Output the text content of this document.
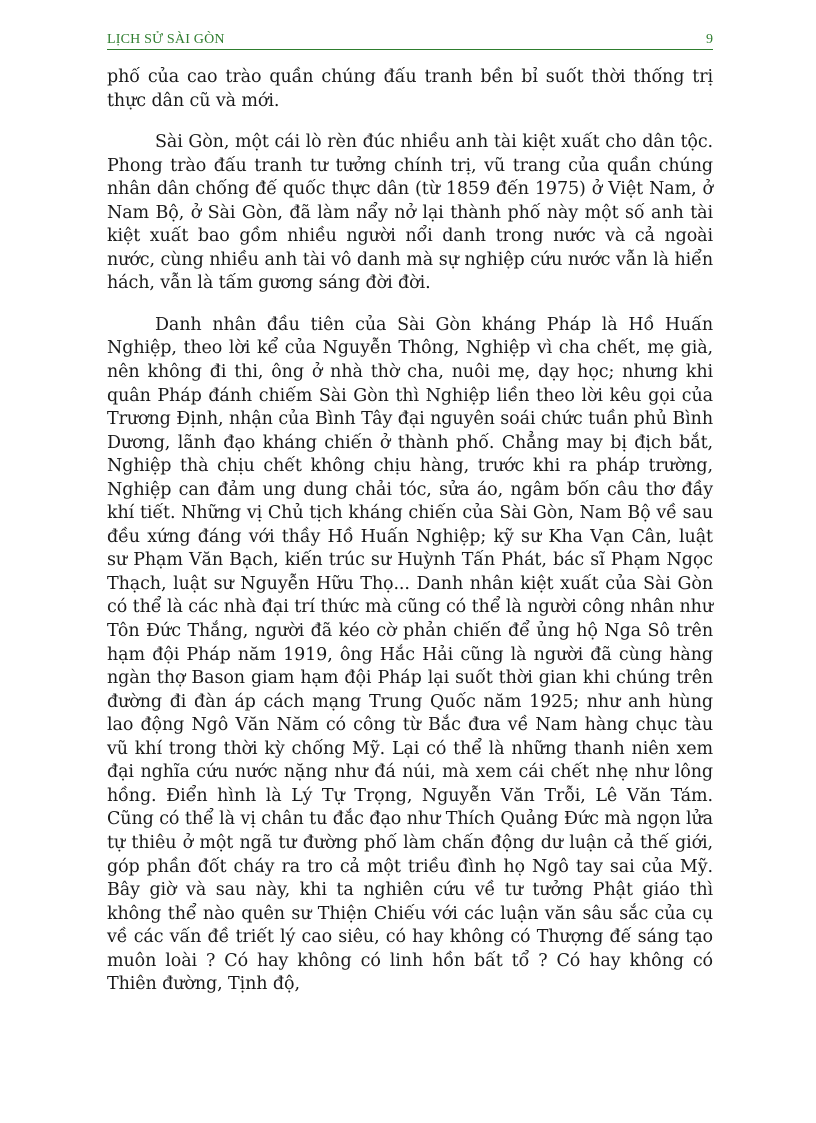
LỊCH SỬ SÀI GÒN	9

phố của cao trào quần chúng đấu tranh bền bỉ suốt thời thống trị thực dân cũ và mới.

Sài Gòn, một cái lò rèn đúc nhiều anh tài kiệt xuất cho dân tộc. Phong trào đấu tranh tư tưởng chính trị, vũ trang của quần chúng nhân dân chống đế quốc thực dân (từ 1859 đến 1975) ở Việt Nam, ở Nam Bộ, ở Sài Gòn, đã làm nẩy nở lại thành phố này một số anh tài kiệt xuất bao gồm nhiều người nổi danh trong nước và cả ngoài nước, cùng nhiều anh tài vô danh mà sự nghiệp cứu nước vẫn là hiển hách, vẫn là tấm gương sáng đời đời.

Danh nhân đầu tiên của Sài Gòn kháng Pháp là Hồ Huấn Nghiệp, theo lời kể của Nguyễn Thông, Nghiệp vì cha chết, mẹ già, nên không đi thi, ông ở nhà thờ cha, nuôi mẹ, dạy học; nhưng khi quân Pháp đánh chiếm Sài Gòn thì Nghiệp liền theo lời kêu gọi của Trương Định, nhận của Bình Tây đại nguyên soái chức tuần phủ Bình Dương, lãnh đạo kháng chiến ở thành phố. Chẳng may bị địch bắt, Nghiệp thà chịu chết không chịu hàng, trước khi ra pháp trường, Nghiệp can đảm ung dung chải tóc, sửa áo, ngâm bốn câu thơ đầy khí tiết. Những vị Chủ tịch kháng chiến của Sài Gòn, Nam Bộ về sau đều xứng đáng với thầy Hồ Huấn Nghiệp; kỹ sư Kha Vạn Cân, luật sư Phạm Văn Bạch, kiến trúc sư Huỳnh Tấn Phát, bác sĩ Phạm Ngọc Thạch, luật sư Nguyễn Hữu Thọ... Danh nhân kiệt xuất của Sài Gòn có thể là các nhà đại trí thức mà cũng có thể là người công nhân như Tôn Đức Thắng, người đã kéo cờ phản chiến để ủng hộ Nga Sô trên hạm đội Pháp năm 1919, ông Hắc Hải cũng là người đã cùng hàng ngàn thợ Bason giam hạm đội Pháp lại suốt thời gian khi chúng trên đường đi đàn áp cách mạng Trung Quốc năm 1925; như anh hùng lao động Ngô Văn Năm có công từ Bắc đưa về Nam hàng chục tàu vũ khí trong thời kỳ chống Mỹ. Lại có thể là những thanh niên xem đại nghĩa cứu nước nặng như đá núi, mà xem cái chết nhẹ như lông hồng. Điển hình là Lý Tự Trọng, Nguyễn Văn Trỗi, Lê Văn Tám. Cũng có thể là vị chân tu đắc đạo như Thích Quảng Đức mà ngọn lửa tự thiêu ở một ngã tư đường phố làm chấn động dư luận cả thế giới, góp phần đốt cháy ra tro cả một triều đình họ Ngô tay sai của Mỹ. Bây giờ và sau này, khi ta nghiên cứu về tư tưởng Phật giáo thì không thể nào quên sư Thiện Chiếu với các luận văn sâu sắc của cụ về các vấn đề triết lý cao siêu, có hay không có Thượng đế sáng tạo muôn loài ? Có hay không có linh hồn bất tổ ? Có hay không có Thiên đường, Tịnh độ,
